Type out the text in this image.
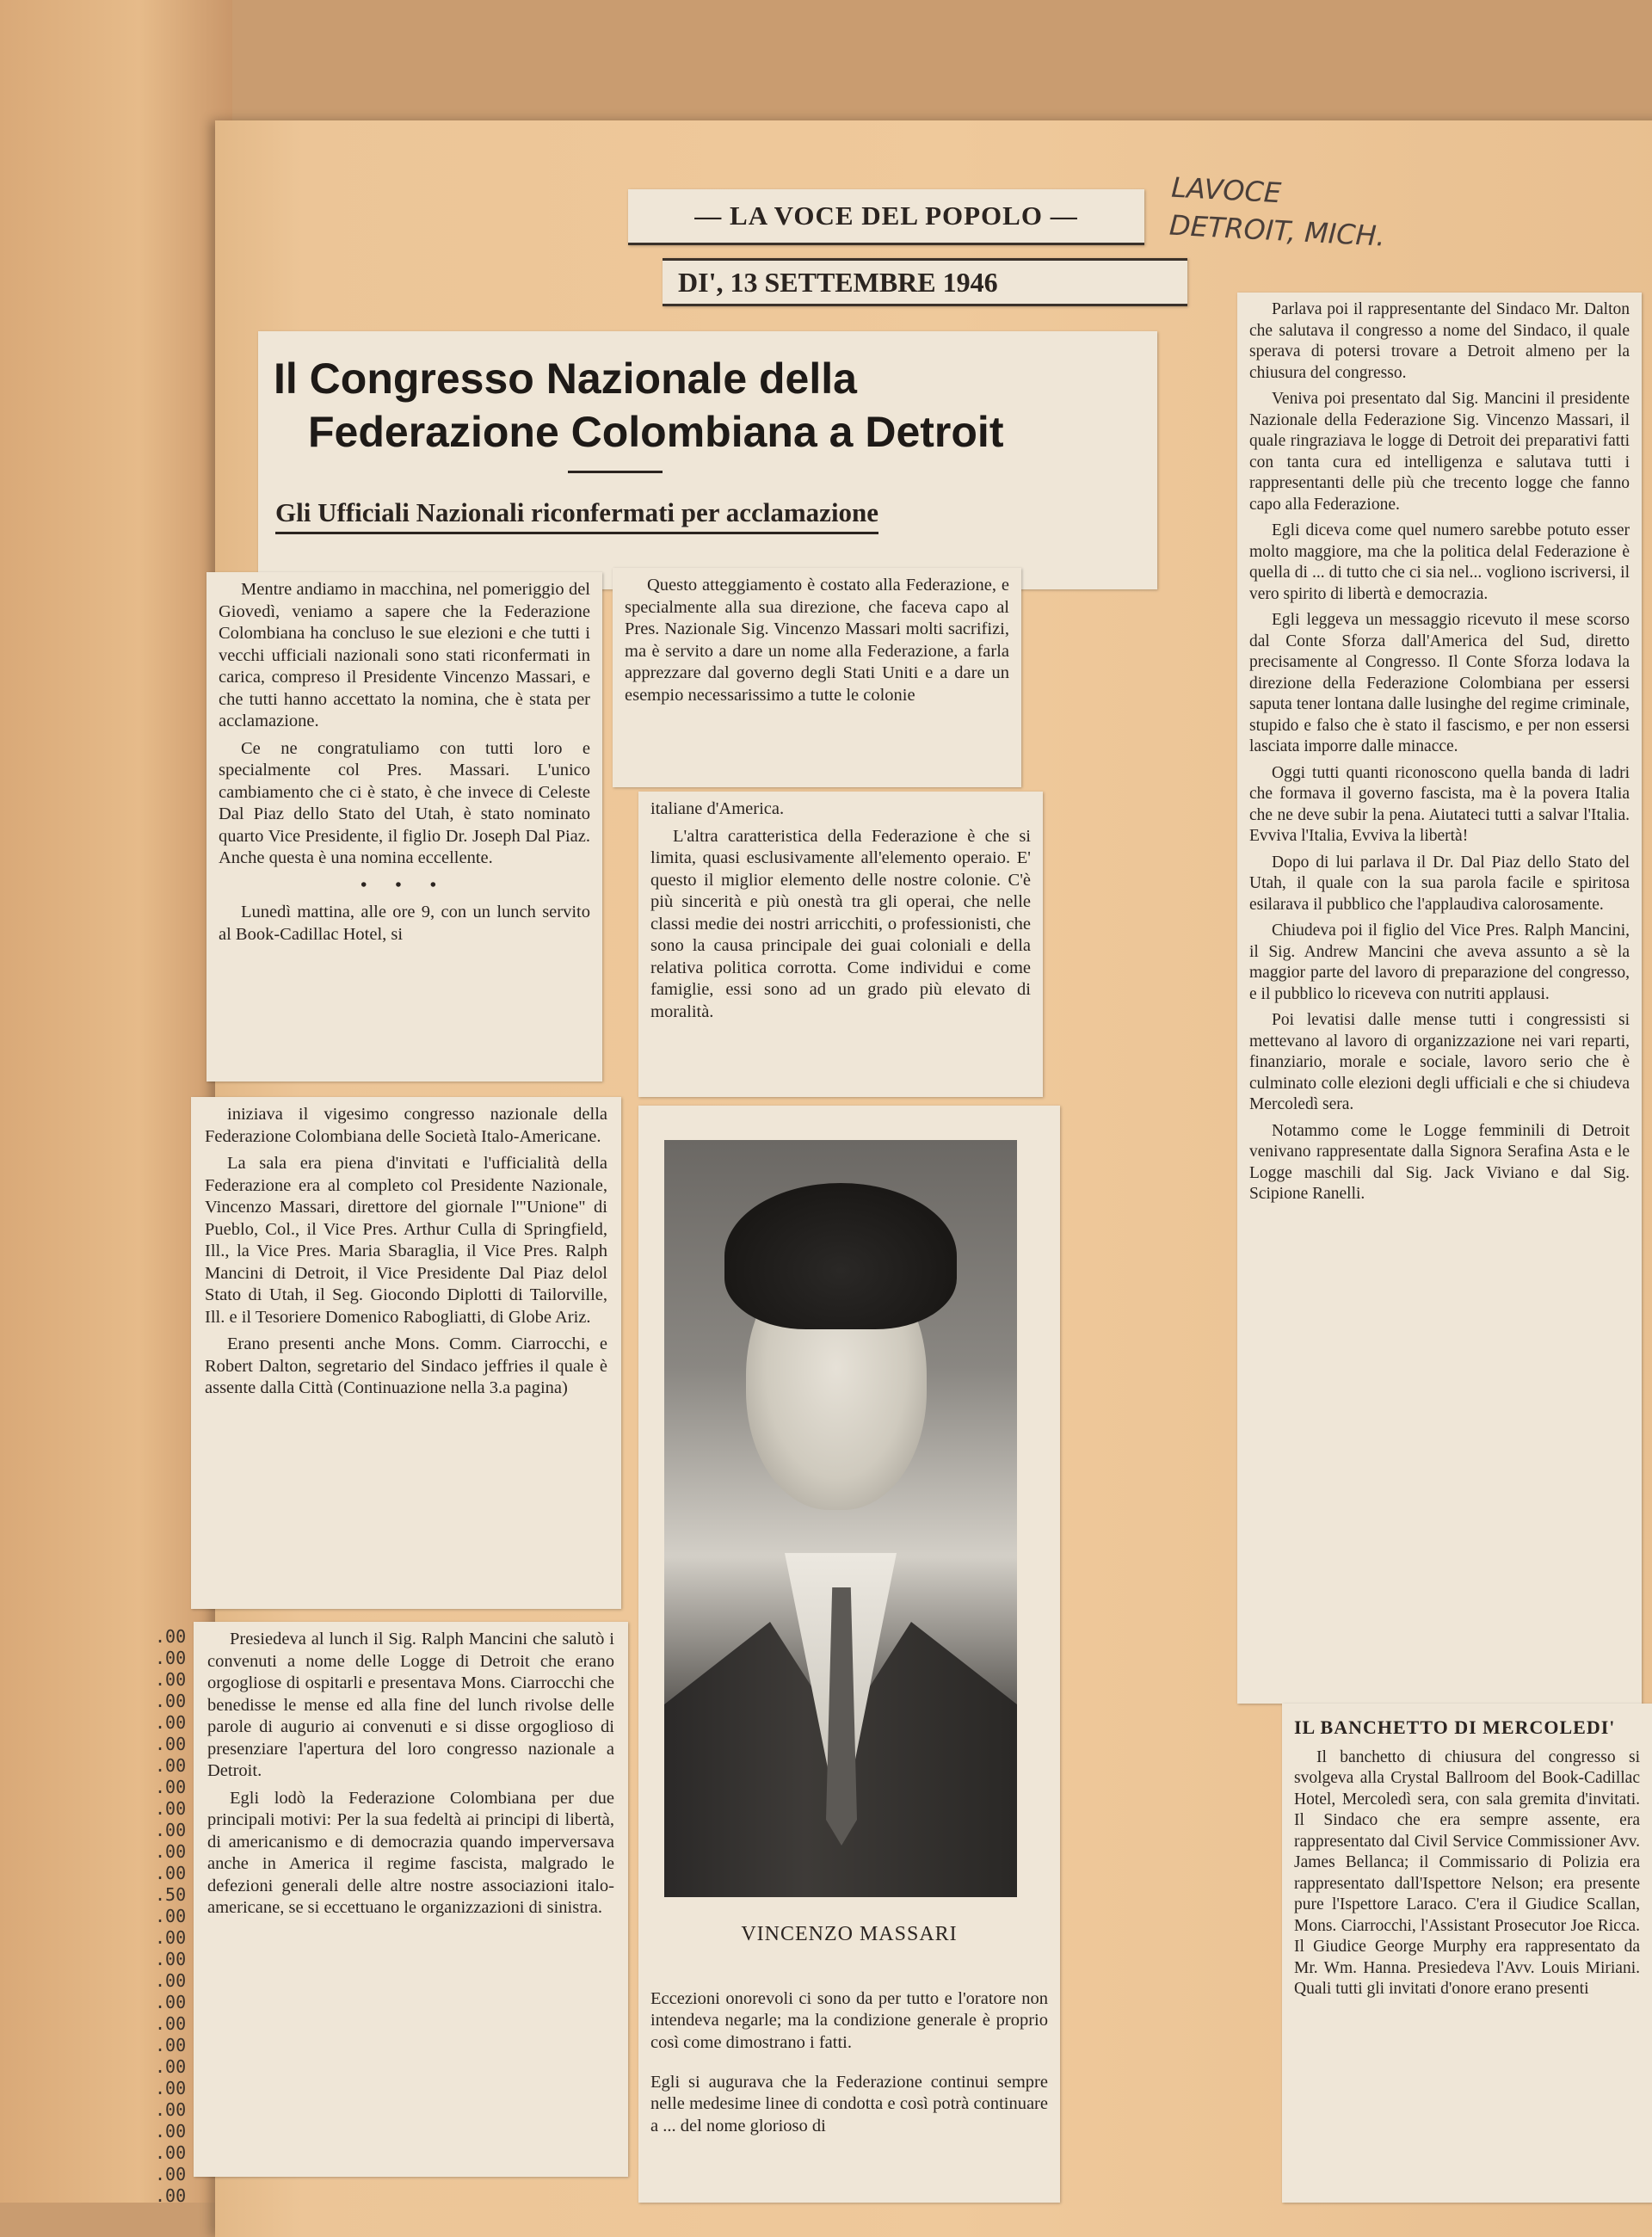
— LA VOCE DEL POPOLO —
LAVOCE
DETROIT, MICH.
DI', 13 SETTEMBRE 1946
Il Congresso Nazionale della
Federazione Colombiana a Detroit
Gli Ufficiali Nazionali riconfermati per acclamazione

Mentre andiamo in macchina, nel pomeriggio del Giovedì, veniamo a sapere che la Federazione Colombiana ha concluso le sue elezioni e che tutti i vecchi ufficiali nazionali sono stati riconfermati in carica, compreso il Presidente Vincenzo Massari, e che tutti hanno accettato la nomina, che è stata per acclamazione.

Ce ne congratuliamo con tutti loro e specialmente col Pres. Massari. L'unico cambiamento che ci è stato, è che invece di Celeste Dal Piaz dello Stato del Utah, è stato nominato quarto Vice Presidente, il figlio Dr. Joseph Dal Piaz. Anche questa è una nomina eccellente.

• • •

Lunedì mattina, alle ore 9, con un lunch servito al Book-Cadillac Hotel, si

iniziava il vigesimo congresso nazionale della Federazione Colombiana delle Società Italo-Americane.

La sala era piena d'invitati e l'ufficialità della Federazione era al completo col Presidente Nazionale, Vincenzo Massari, direttore del giornale l'"Unione" di Pueblo, Col., il Vice Pres. Arthur Culla di Springfield, Ill., la Vice Pres. Maria Sbaraglia, il Vice Pres. Ralph Mancini di Detroit, il Vice Presidente Dal Piaz delol Stato di Utah, il Seg. Giocondo Diplotti di Tailorville, Ill. e il Tesoriere Domenico Rabogliatti, di Globe Ariz.

Erano presenti anche Mons. Comm. Ciarrocchi, e Robert Dalton, segretario del Sindaco jeffries il quale è assente dalla Città (Continuazione nella 3.a pagina)

.00
.00
.00
.00
.00
.00
.00
.00
.00
.00
.00
.00
.50
.00
.00
.00
.00
.00
.00
.00
.00
.00
.00
.00
.00
.00
.00

Presiedeva al lunch il Sig. Ralph Mancini che salutò i convenuti a nome delle Logge di Detroit che erano orgogliose di ospitarli e presentava Mons. Ciarrocchi che benedisse le mense ed alla fine del lunch rivolse delle parole di augurio ai convenuti e si disse orgoglioso di presenziare l'apertura del loro congresso nazionale a Detroit.

Egli lodò la Federazione Colombiana per due principali motivi: Per la sua fedeltà ai principi di libertà, di americanismo e di democrazia quando imperversava anche in America il regime fascista, malgrado le defezioni generali delle altre nostre associazioni italo-americane, se si eccettuano le organizzazioni di sinistra.

Questo atteggiamento è costato alla Federazione, e specialmente alla sua direzione, che faceva capo al Pres. Nazionale Sig. Vincenzo Massari molti sacrifizi, ma è servito a dare un nome alla Federazione, a farla apprezzare dal governo degli Stati Uniti e a dare un esempio necessarissimo a tutte le colonie

italiane d'America.

L'altra caratteristica della Federazione è che si limita, quasi esclusivamente all'elemento operaio. E' questo il miglior elemento delle nostre colonie. C'è più sincerità e più onestà tra gli operai, che nelle classi medie dei nostri arricchiti, o professionisti, che sono la causa principale dei guai coloniali e della relativa politica corrotta. Come individui e come famiglie, essi sono ad un grado più elevato di moralità.

VINCENZO MASSARI

Eccezioni onorevoli ci sono da per tutto e l'oratore non intendeva negarle; ma la condizione generale è proprio così come dimostrano i fatti.

Egli si augurava che la Federazione continui sempre nelle medesime linee di condotta e così potrà continuare a ... del nome glorioso di

Parlava poi il rappresentante del Sindaco Mr. Dalton che salutava il congresso a nome del Sindaco, il quale sperava di potersi trovare a Detroit almeno per la chiusura del congresso.

Veniva poi presentato dal Sig. Mancini il presidente Nazionale della Federazione Sig. Vincenzo Massari, il quale ringraziava le logge di Detroit dei preparativi fatti con tanta cura ed intelligenza e salutava tutti i rappresentanti delle più che trecento logge che fanno capo alla Federazione.

Egli diceva come quel numero sarebbe potuto esser molto maggiore, ma che la politica delal Federazione è quella di ... di tutto che ci sia nel... vogliono iscriversi, il vero spirito di libertà e democrazia.

Egli leggeva un messaggio ricevuto il mese scorso dal Conte Sforza dall'America del Sud, diretto precisamente al Congresso. Il Conte Sforza lodava la direzione della Federazione Colombiana per essersi saputa tener lontana dalle lusinghe del regime criminale, stupido e falso che è stato il fascismo, e per non essersi lasciata imporre dalle minacce.

Oggi tutti quanti riconoscono quella banda di ladri che formava il governo fascista, ma è la povera Italia che ne deve subir la pena. Aiutateci tutti a salvar l'Italia. Evviva l'Italia, Evviva la libertà!

Dopo di lui parlava il Dr. Dal Piaz dello Stato del Utah, il quale con la sua parola facile e spiritosa esilarava il pubblico che l'applaudiva calorosamente.

Chiudeva poi il figlio del Vice Pres. Ralph Mancini, il Sig. Andrew Mancini che aveva assunto a sè la maggior parte del lavoro di preparazione del congresso, e il pubblico lo riceveva con nutriti applausi.

Poi levatisi dalle mense tutti i congressisti si mettevano al lavoro di organizzazione nei vari reparti, finanziario, morale e sociale, lavoro serio che è culminato colle elezioni degli ufficiali e che si chiudeva Mercoledì sera.

Notammo come le Logge femminili di Detroit venivano rappresentate dalla Signora Serafina Asta e le Logge maschili dal Sig. Jack Viviano e dal Sig. Scipione Ranelli.

IL BANCHETTO DI MERCOLEDI'

Il banchetto di chiusura del congresso si svolgeva alla Crystal Ballroom del Book-Cadillac Hotel, Mercoledì sera, con sala gremita d'invitati. Il Sindaco che era sempre assente, era rappresentato dal Civil Service Commissioner Avv. James Bellanca; il Commissario di Polizia era rappresentato dall'Ispettore Nelson; era presente pure l'Ispettore Laraco. C'era il Giudice Scallan, Mons. Ciarrocchi, l'Assistant Prosecutor Joe Ricca. Il Giudice George Murphy era rappresentato da Mr. Wm. Hanna. Presiedeva l'Avv. Louis Miriani. Quali tutti gli invitati d'onore erano presenti
